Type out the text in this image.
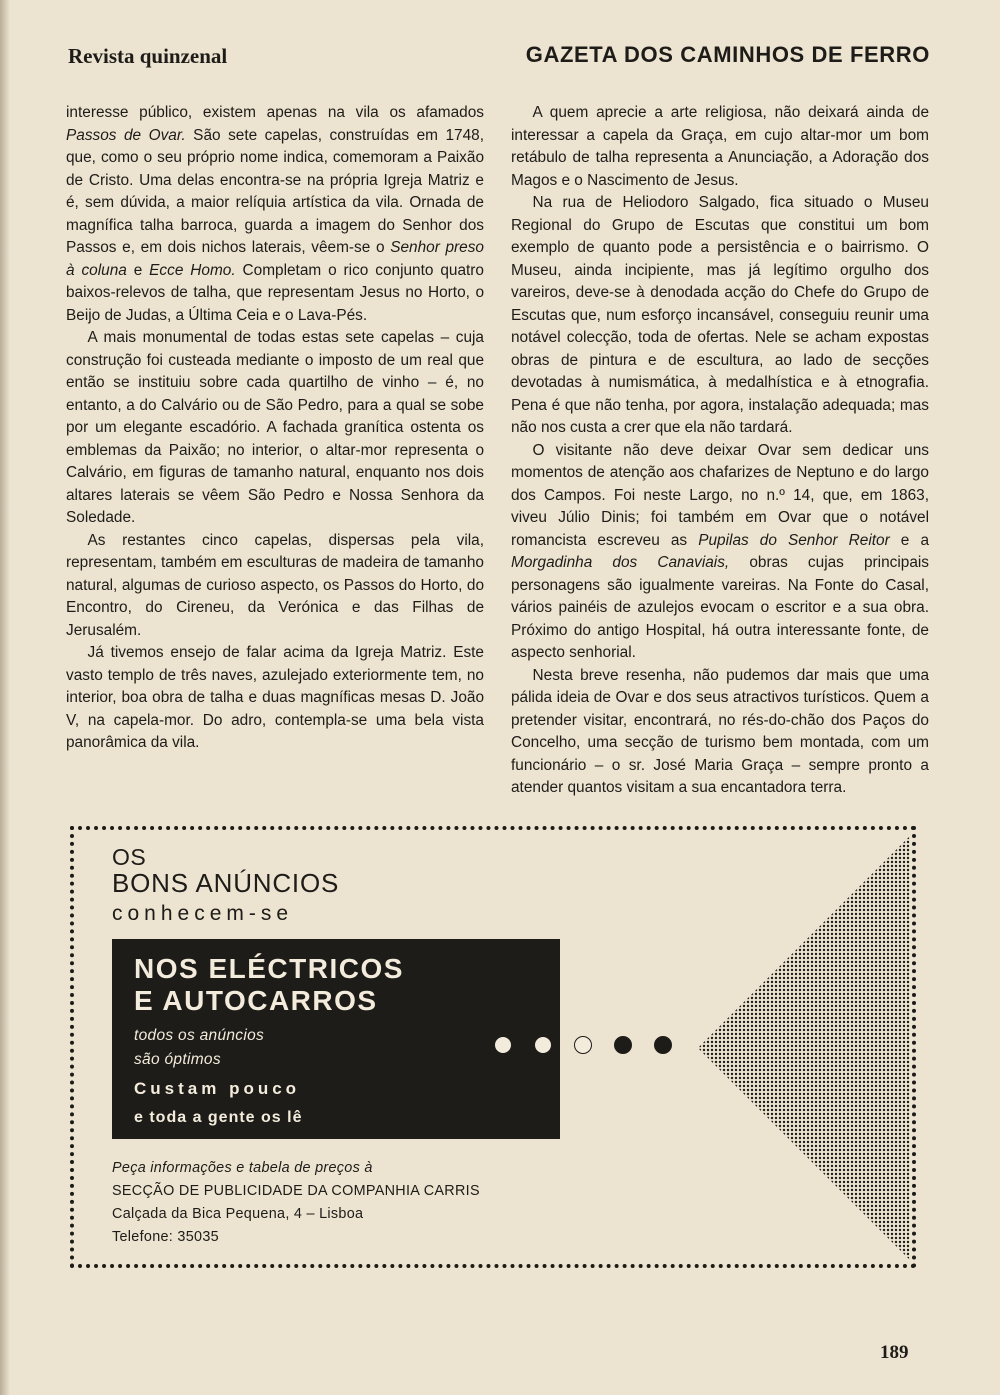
Revista quinzenal	GAZETA DOS CAMINHOS DE FERRO

interesse público, existem apenas na vila os afamados Passos de Ovar. São sete capelas, construídas em 1748, que, como o seu próprio nome indica, comemoram a Paixão de Cristo. Uma delas encontra-se na própria Igreja Matriz e é, sem dúvida, a maior relíquia artística da vila. Ornada de magnífica talha barroca, guarda a imagem do Senhor dos Passos e, em dois nichos laterais, vêem-se o Senhor preso à coluna e Ecce Homo. Completam o rico conjunto quatro baixos-relevos de talha, que representam Jesus no Horto, o Beijo de Judas, a Última Ceia e o Lava-Pés.

A mais monumental de todas estas sete capelas – cuja construção foi custeada mediante o imposto de um real que então se instituiu sobre cada quartilho de vinho – é, no entanto, a do Calvário ou de São Pedro, para a qual se sobe por um elegante escadório. A fachada granítica ostenta os emblemas da Paixão; no interior, o altar-mor representa o Calvário, em figuras de tamanho natural, enquanto nos dois altares laterais se vêem São Pedro e Nossa Senhora da Soledade.

As restantes cinco capelas, dispersas pela vila, representam, também em esculturas de madeira de tamanho natural, algumas de curioso aspecto, os Passos do Horto, do Encontro, do Cireneu, da Verónica e das Filhas de Jerusalém.

Já tivemos ensejo de falar acima da Igreja Matriz. Este vasto templo de três naves, azulejado exteriormente tem, no interior, boa obra de talha e duas magníficas mesas D. João V, na capela-mor. Do adro, contempla-se uma bela vista panorâmica da vila.

A quem aprecie a arte religiosa, não deixará ainda de interessar a capela da Graça, em cujo altar-mor um bom retábulo de talha representa a Anunciação, a Adoração dos Magos e o Nascimento de Jesus.

Na rua de Heliodoro Salgado, fica situado o Museu Regional do Grupo de Escutas que constitui um bom exemplo de quanto pode a persistência e o bairrismo. O Museu, ainda incipiente, mas já legítimo orgulho dos vareiros, deve-se à denodada acção do Chefe do Grupo de Escutas que, num esforço incansável, conseguiu reunir uma notável colecção, toda de ofertas. Nele se acham expostas obras de pintura e de escultura, ao lado de secções devotadas à numismática, à medalhística e à etnografia. Pena é que não tenha, por agora, instalação adequada; mas não nos custa a crer que ela não tardará.

O visitante não deve deixar Ovar sem dedicar uns momentos de atenção aos chafarizes de Neptuno e do largo dos Campos. Foi neste Largo, no n.º 14, que, em 1863, viveu Júlio Dinis; foi também em Ovar que o notável romancista escreveu as Pupilas do Senhor Reitor e a Morgadinha dos Canaviais, obras cujas principais personagens são igualmente vareiras. Na Fonte do Casal, vários painéis de azulejos evocam o escritor e a sua obra. Próximo do antigo Hospital, há outra interessante fonte, de aspecto senhorial.

Nesta breve resenha, não pudemos dar mais que uma pálida ideia de Ovar e dos seus atractivos turísticos. Quem a pretender visitar, encontrará, no rés-do-chão dos Paços do Concelho, uma secção de turismo bem montada, com um funcionário – o sr. José Maria Graça – sempre pronto a atender quantos visitam a sua encantadora terra.

OS
BONS ANÚNCIOS
conhecem-se
NOS ELÉCTRICOS
E AUTOCARROS
todos os anúncios
são óptimos
Custam pouco
e toda a gente os lê
Peça informações e tabela de preços à
SECÇÃO DE PUBLICIDADE DA COMPANHIA CARRIS
Calçada da Bica Pequena, 4 – Lisboa
Telefone: 35035
189
